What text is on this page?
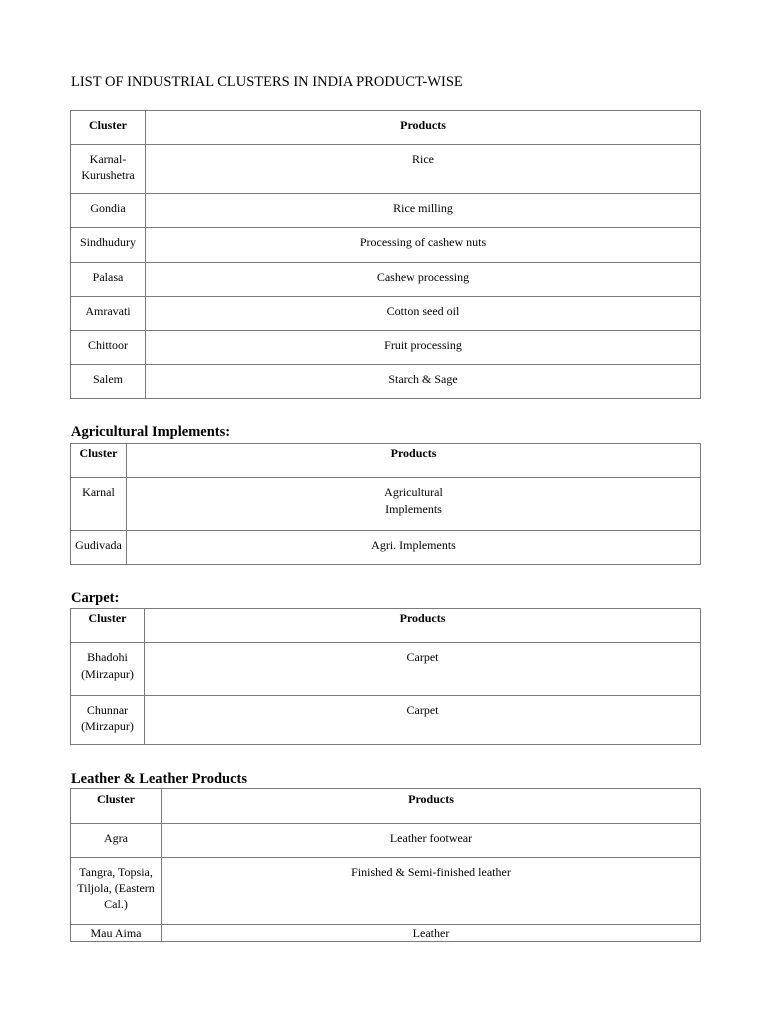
LIST OF INDUSTRIAL CLUSTERS IN INDIA PRODUCT-WISE
Cluster	Products
Karnal-
Kurushetra	Rice
Gondia	Rice milling
Sindhudury	Processing of cashew nuts
Palasa	Cashew processing
Amravati	Cotton seed oil
Chittoor	Fruit processing
Salem	Starch & Sage
Agricultural Implements:
Cluster	Products
Karnal	Agricultural
Implements
Gudivada	Agri. Implements
Carpet:
Cluster	Products
Bhadohi
(Mirzapur)	Carpet
Chunnar
(Mirzapur)	Carpet
Leather & Leather Products
Cluster	Products
Agra	Leather footwear
Tangra, Topsia,
Tiljola, (Eastern
Cal.)	Finished & Semi-finished leather
Mau Aima	Leather
